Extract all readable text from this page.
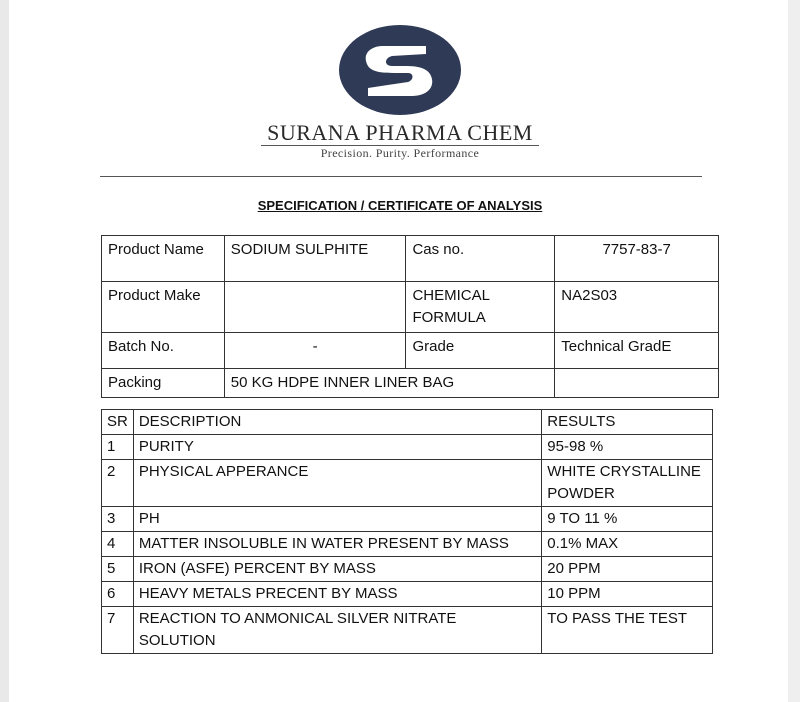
SURANA PHARMA CHEM
Precision. Purity. Performance
SPECIFICATION / CERTIFICATE OF ANALYSIS
Product Name	SODIUM SULPHITE	Cas no.	7757-83-7
Product Make		CHEMICAL FORMULA	NA2S03
Batch No.	-	Grade	Technical GradE
Packing	50 KG HDPE INNER LINER BAG		
SR	DESCRIPTION	RESULTS
1	PURITY	95-98 %
2	PHYSICAL APPERANCE	WHITE CRYSTALLINE POWDER
3	PH	9 TO 11 %
4	MATTER INSOLUBLE IN WATER PRESENT BY MASS	0.1% MAX
5	IRON (ASFE) PERCENT BY MASS	20 PPM
6	HEAVY METALS PRECENT BY MASS	10 PPM
7	REACTION TO ANMONICAL SILVER NITRATE SOLUTION	TO PASS THE TEST
